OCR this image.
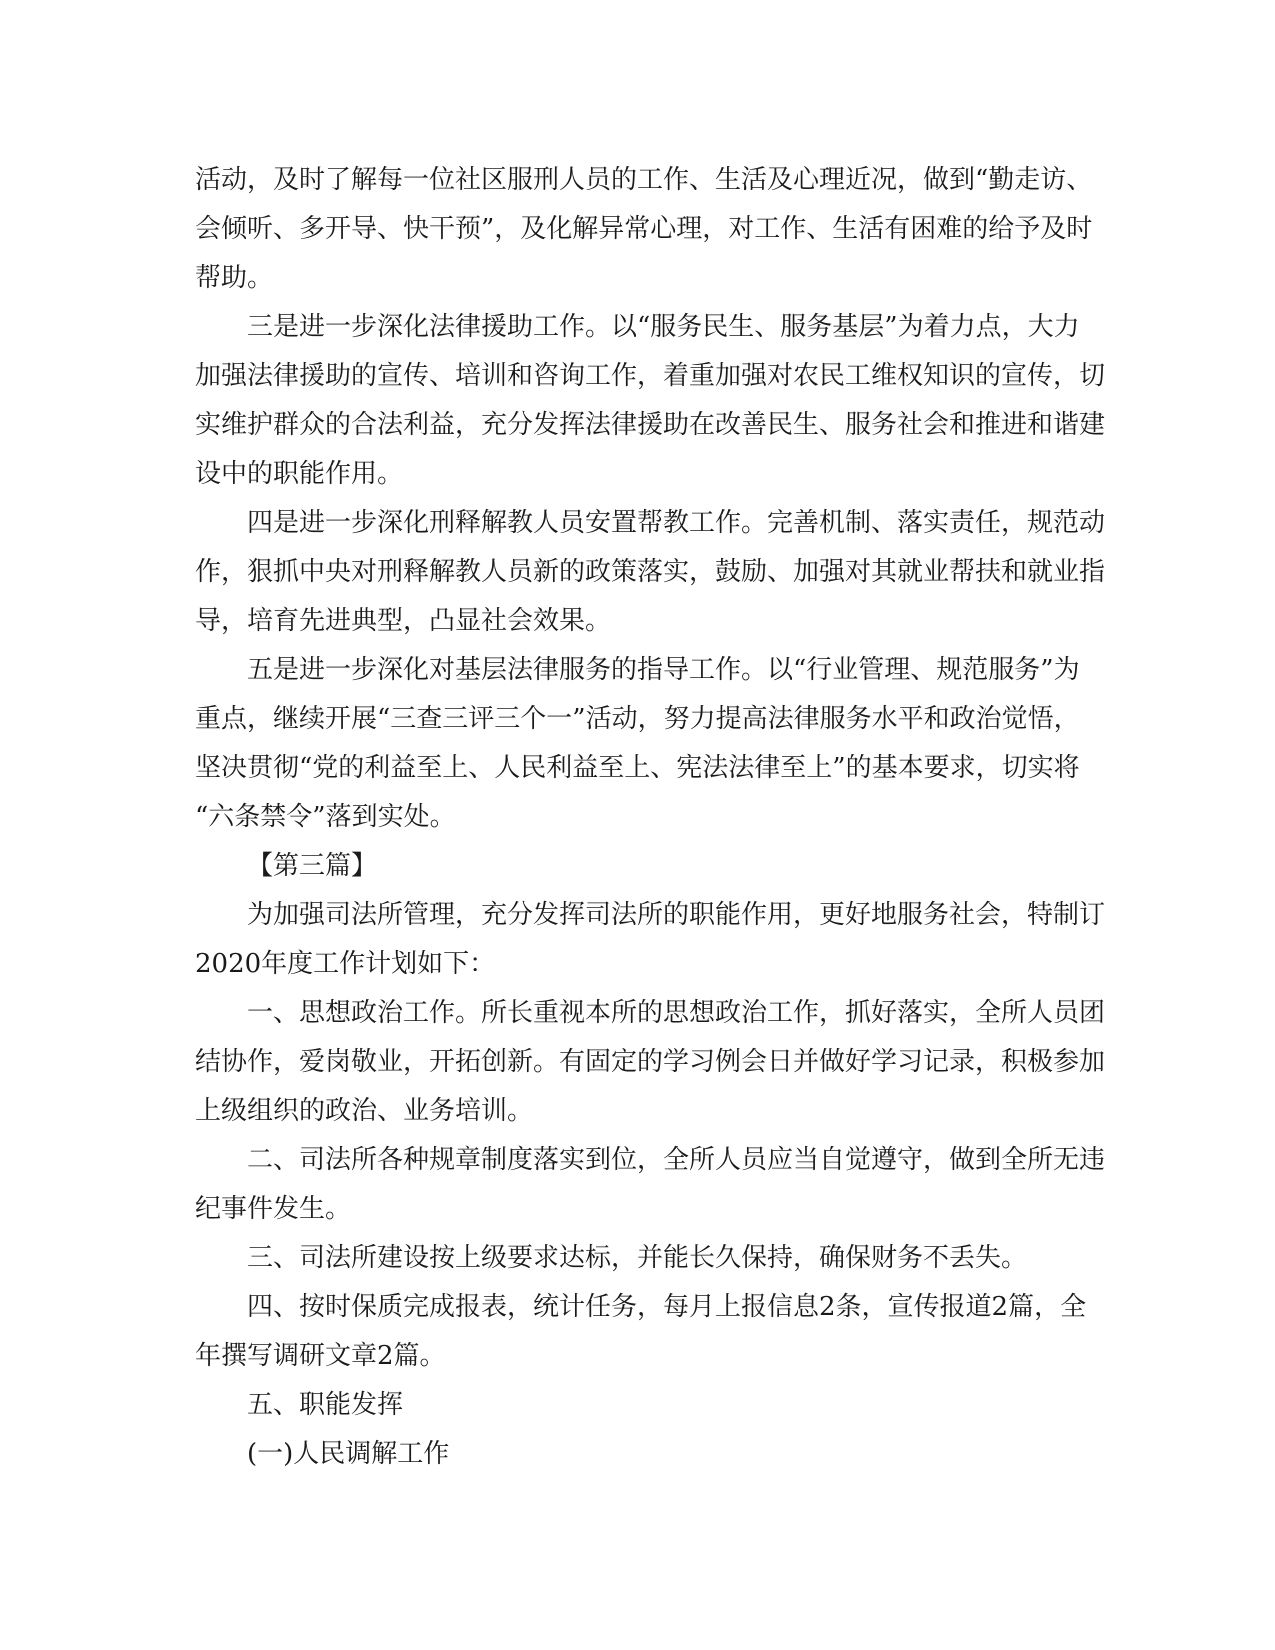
活动，及时了解每一位社区服刑人员的工作、生活及心理近况，做到“勤走访、
会倾听、多开导、快干预”，及化解异常心理，对工作、生活有困难的给予及时
帮助。

三是进一步深化法律援助工作。以“服务民生、服务基层”为着力点，大力
加强法律援助的宣传、培训和咨询工作，着重加强对农民工维权知识的宣传，切
实维护群众的合法利益，充分发挥法律援助在改善民生、服务社会和推进和谐建
设中的职能作用。

四是进一步深化刑释解教人员安置帮教工作。完善机制、落实责任，规范动
作，狠抓中央对刑释解教人员新的政策落实，鼓励、加强对其就业帮扶和就业指
导，培育先进典型，凸显社会效果。

五是进一步深化对基层法律服务的指导工作。以“行业管理、规范服务”为
重点，继续开展“三查三评三个一”活动，努力提高法律服务水平和政治觉悟，
坚决贯彻“党的利益至上、人民利益至上、宪法法律至上”的基本要求，切实将
“六条禁令”落到实处。

【第三篇】

为加强司法所管理，充分发挥司法所的职能作用，更好地服务社会，特制订
2020年度工作计划如下：

一、思想政治工作。所长重视本所的思想政治工作，抓好落实，全所人员团
结协作，爱岗敬业，开拓创新。有固定的学习例会日并做好学习记录，积极参加
上级组织的政治、业务培训。

二、司法所各种规章制度落实到位，全所人员应当自觉遵守，做到全所无违
纪事件发生。

三、司法所建设按上级要求达标，并能长久保持，确保财务不丢失。

四、按时保质完成报表，统计任务，每月上报信息2条，宣传报道2篇，全
年撰写调研文章2篇。

五、职能发挥

(一)人民调解工作
